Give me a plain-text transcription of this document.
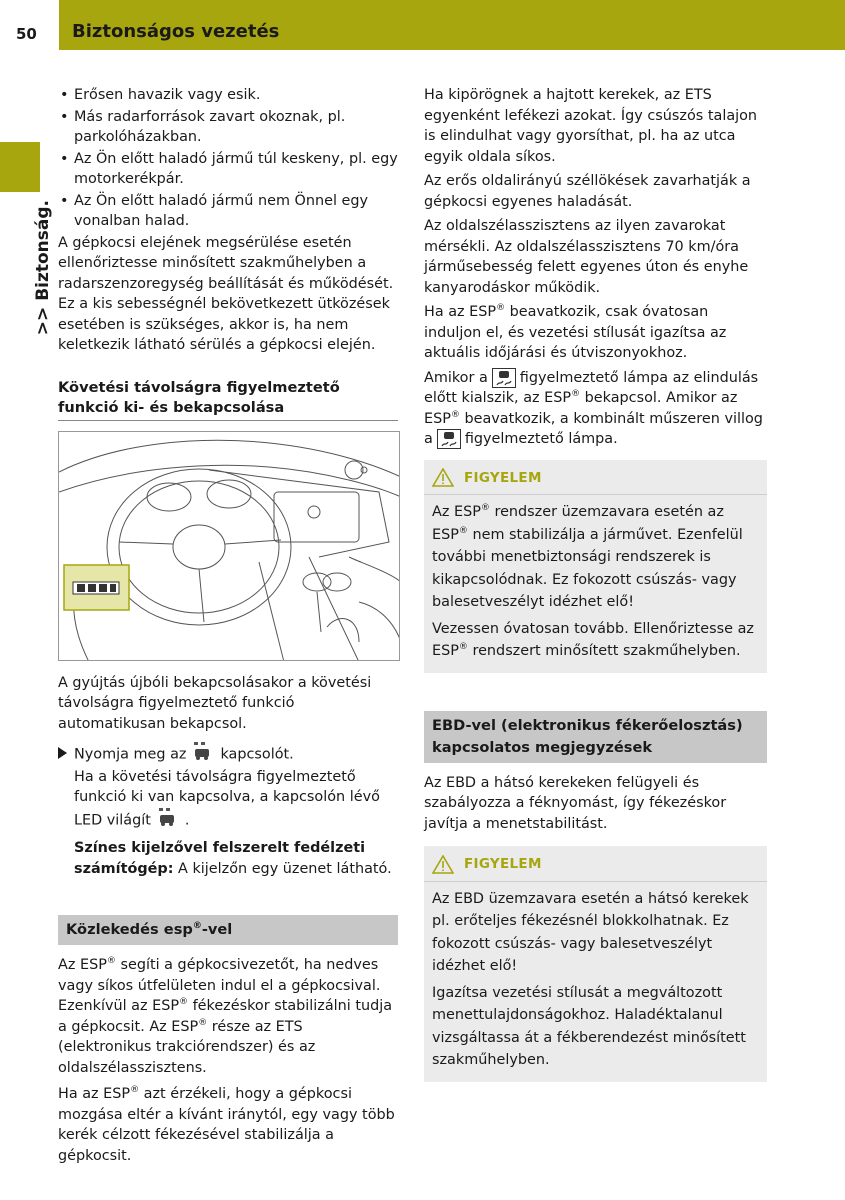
50	Biztonságos vezetés
>> Biztonság.
• Erősen havazik vagy esik.
• Más radarforrások zavart okoznak, pl. parkolóházakban.
• Az Ön előtt haladó jármű túl keskeny, pl. egy motorkerékpár.
• Az Ön előtt haladó jármű nem Önnel egy vonalban halad.

A gépkocsi elejének megsérülése esetén ellenőriztesse minősített szakműhelyben a radarszenzoregység beállítását és működését. Ez a kis sebességnél bekövetkezett ütközések esetében is szükséges, akkor is, ha nem keletkezik látható sérülés a gépkocsi elején.

Követési távolságra figyelmeztető funkció ki- és bekapcsolása

A gyújtás újbóli bekapcsolásakor a követési távolságra figyelmeztető funkció automatikusan bekapcsol.

Nyomja meg az kapcsolót.
Ha a követési távolságra figyelmeztető funkció ki van kapcsolva, a kapcsolón lévő LED világít .

Színes kijelzővel felszerelt fedélzeti számítógép: A kijelzőn egy üzenet látható.

Közlekedés esp®-vel

Az ESP® segíti a gépkocsivezetőt, ha nedves vagy síkos útfelületen indul el a gépkocsival. Ezenkívül az ESP® fékezéskor stabilizálni tudja a gépkocsit. Az ESP® része az ETS (elektronikus trakciórendszer) és az oldalszélasszisztens.

Ha az ESP® azt érzékeli, hogy a gépkocsi mozgása eltér a kívánt iránytól, egy vagy több kerék célzott fékezésével stabilizálja a gépkocsit.

Ha kipörögnek a hajtott kerekek, az ETS egyenként lefékezi azokat. Így csúszós talajon is elindulhat vagy gyorsíthat, pl. ha az utca egyik oldala síkos.

Az erős oldalirányú széllökések zavarhatják a gépkocsi egyenes haladását.

Az oldalszélasszisztens az ilyen zavarokat mérsékli. Az oldalszélasszisztens 70 km/óra járműsebesség felett egyenes úton és enyhe kanyarodáskor működik.

Ha az ESP® beavatkozik, csak óvatosan induljon el, és vezetési stílusát igazítsa az aktuális időjárási és útviszonyokhoz.

Amikor a figyelmeztető lámpa az elindulás előtt kialszik, az ESP® bekapcsol. Amikor az ESP® beavatkozik, a kombinált műszeren villog a figyelmeztető lámpa.

FIGYELEM

Az ESP® rendszer üzemzavara esetén az ESP® nem stabilizálja a járművet. Ezenfelül további menetbiztonsági rendszerek is kikapcsolódnak. Ez fokozott csúszás- vagy balesetveszélyt idézhet elő!

Vezessen óvatosan tovább. Ellenőriztesse az ESP® rendszert minősített szakműhelyben.

EBD-vel (elektronikus fékerőelosztás) kapcsolatos megjegyzések

Az EBD a hátsó kerekeken felügyeli és szabályozza a féknyomást, így fékezéskor javítja a menetstabilitást.

FIGYELEM

Az EBD üzemzavara esetén a hátsó kerekek pl. erőteljes fékezésnél blokkolhatnak. Ez fokozott csúszás- vagy balesetveszélyt idézhet elő!

Igazítsa vezetési stílusát a megváltozott menettulajdonságokhoz. Haladéktalanul vizsgáltassa át a fékberendezést minősített szakműhelyben.
